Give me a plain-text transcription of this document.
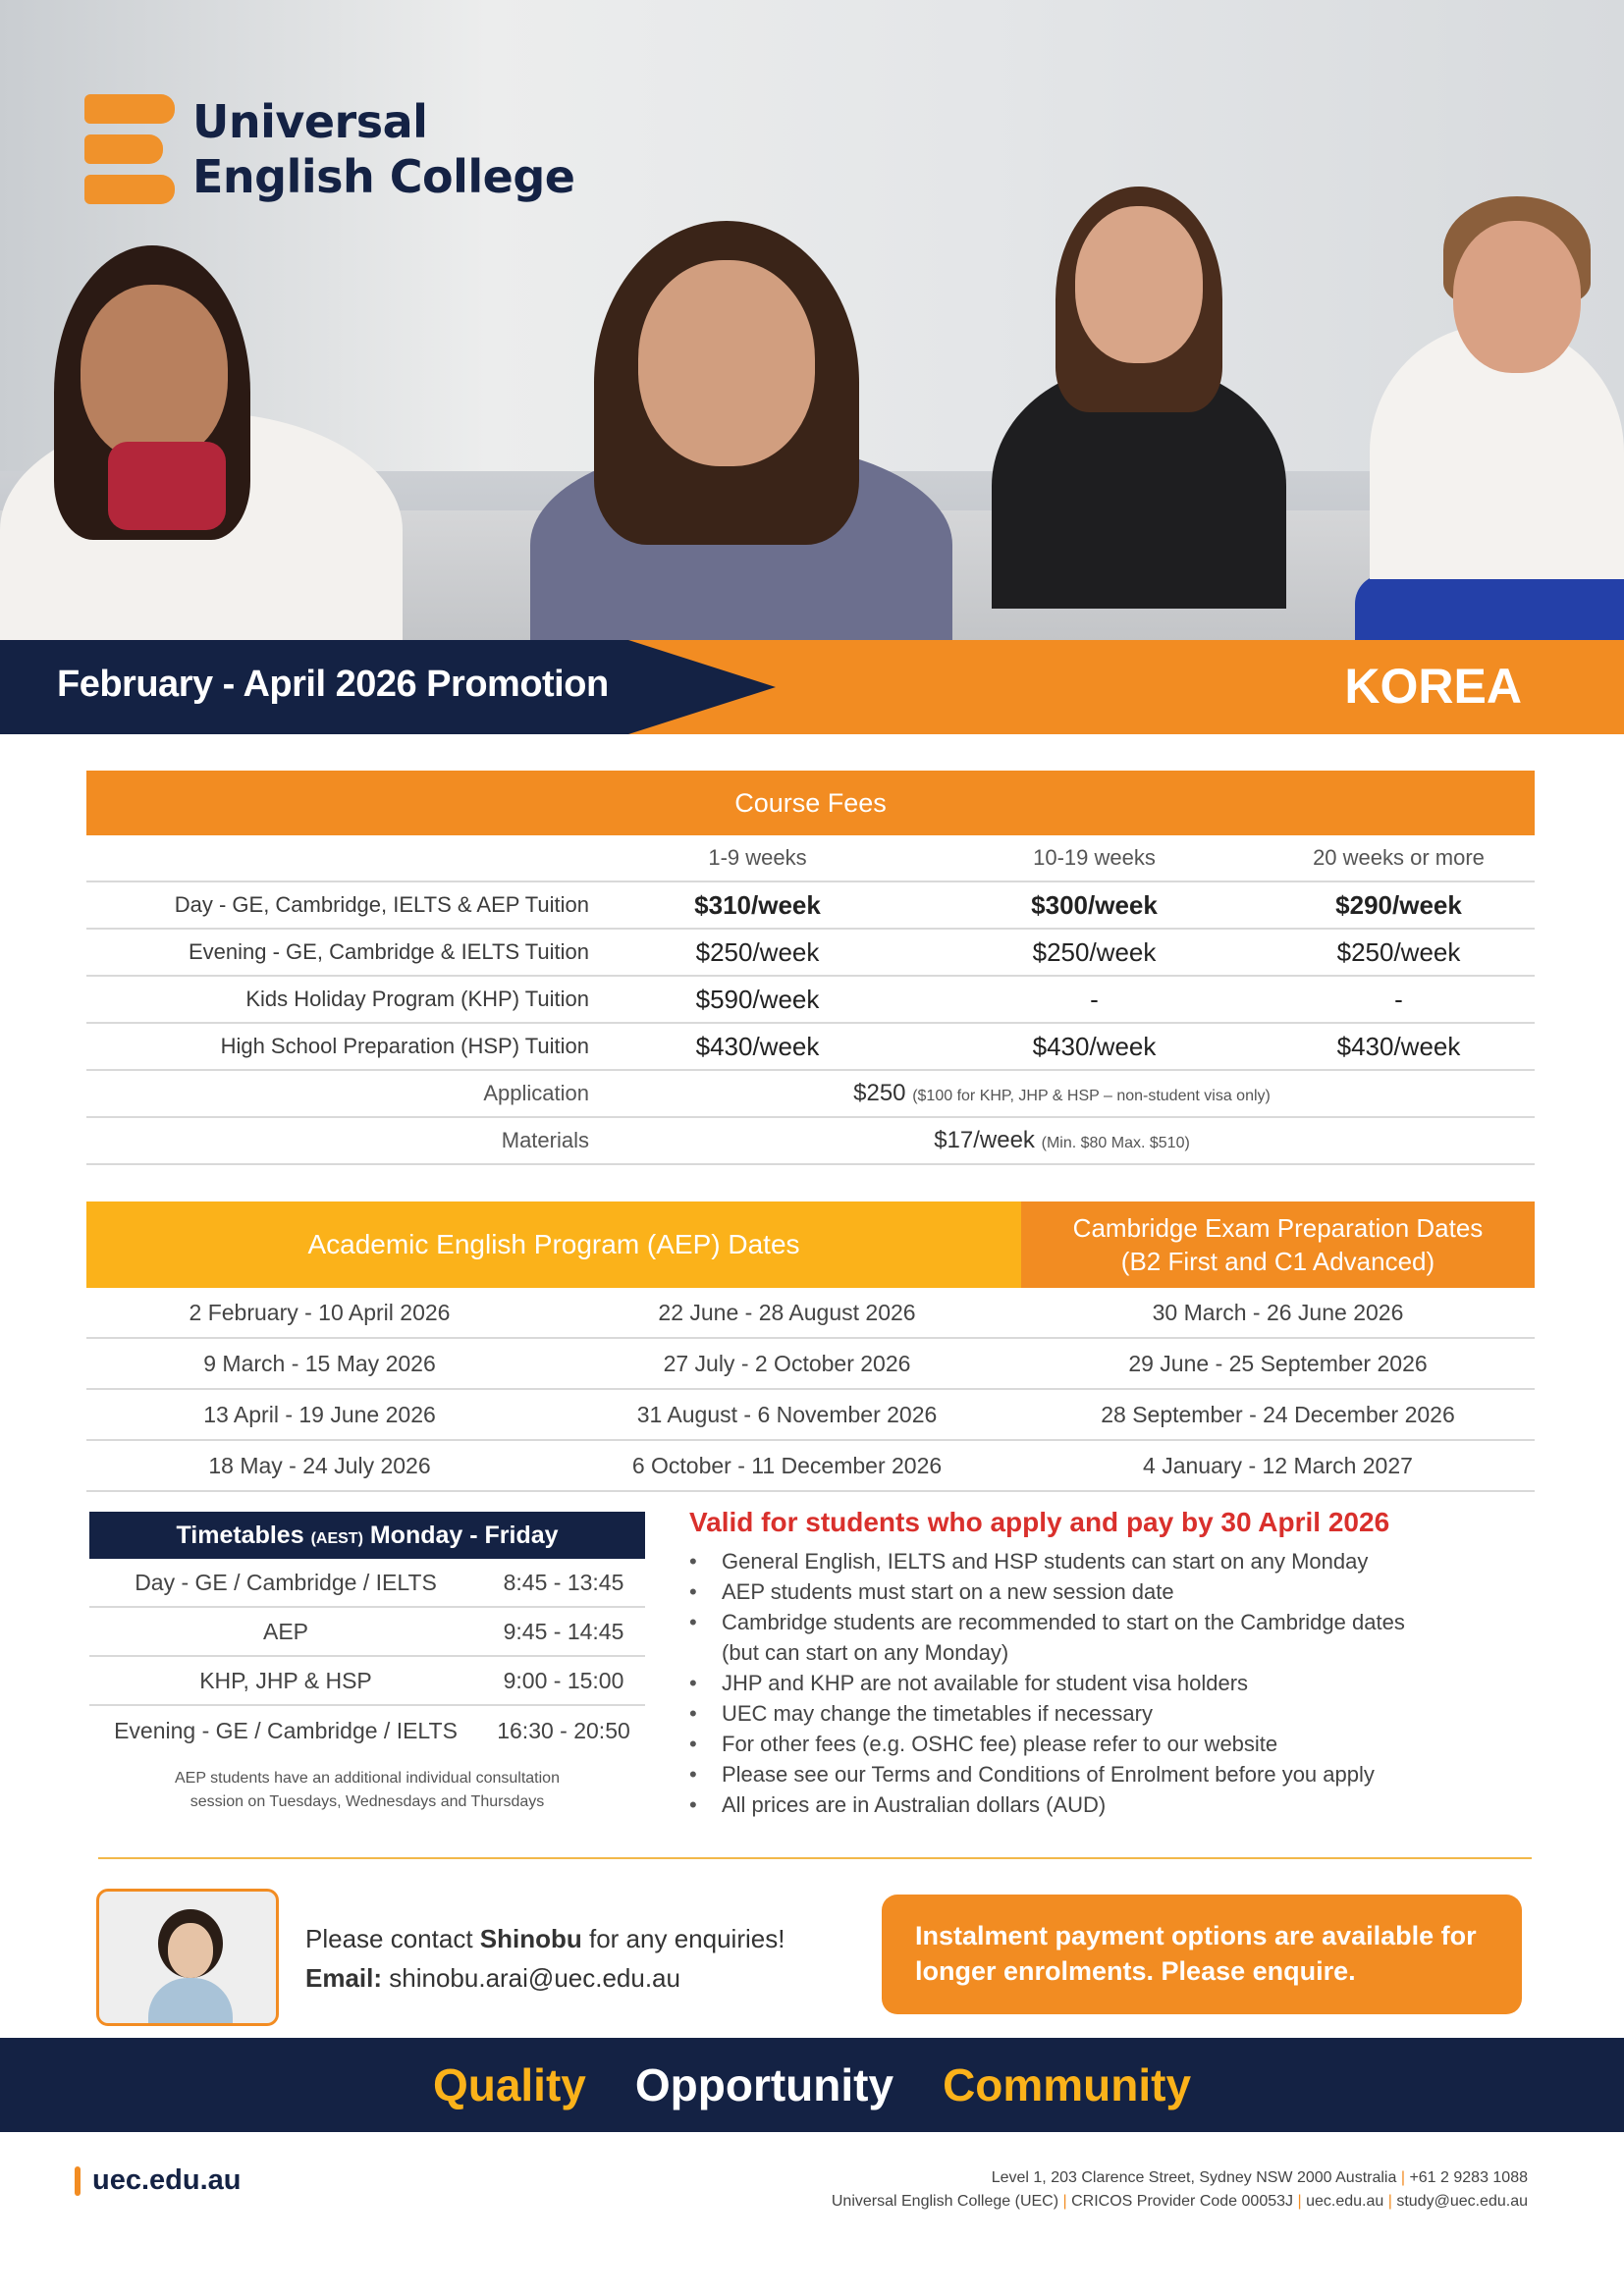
Universal
English College
February - April 2026 Promotion	KOREA
Course Fees
1-9 weeks	10-19 weeks	20 weeks or more
Day - GE, Cambridge, IELTS & AEP Tuition	$310/week	$300/week	$290/week
Evening - GE, Cambridge & IELTS Tuition	$250/week	$250/week	$250/week
Kids Holiday Program (KHP) Tuition	$590/week	-	-
High School Preparation (HSP) Tuition	$430/week	$430/week	$430/week
Application	$250 ($100 for KHP, JHP & HSP – non-student visa only)
Materials	$17/week (Min. $80 Max. $510)
Academic English Program (AEP) Dates
Cambridge Exam Preparation Dates
(B2 First and C1 Advanced)
2 February - 10 April 2026	22 June - 28 August 2026	30 March - 26 June 2026
9 March - 15 May 2026	27 July - 2 October 2026	29 June - 25 September 2026
13 April - 19 June 2026	31 August - 6 November 2026	28 September - 24 December 2026
18 May - 24 July 2026	6 October - 11 December 2026	4 January - 12 March 2027
Timetables (AEST) Monday - Friday
Day - GE / Cambridge / IELTS	8:45 - 13:45
AEP	9:45 - 14:45
KHP, JHP & HSP	9:00 - 15:00
Evening - GE / Cambridge / IELTS	16:30 - 20:50
AEP students have an additional individual consultation
session on Tuesdays, Wednesdays and Thursdays
Valid for students who apply and pay by 30 April 2026
• General English, IELTS and HSP students can start on any Monday
• AEP students must start on a new session date
• Cambridge students are recommended to start on the Cambridge dates
(but can start on any Monday)
• JHP and KHP are not available for student visa holders
• UEC may change the timetables if necessary
• For other fees (e.g. OSHC fee) please refer to our website
• Please see our Terms and Conditions of Enrolment before you apply
• All prices are in Australian dollars (AUD)
Please contact Shinobu for any enquiries!
Email: shinobu.arai@uec.edu.au
Instalment payment options are available for
longer enrolments. Please enquire.
Quality Opportunity Community
uec.edu.au	Level 1, 203 Clarence Street, Sydney NSW 2000 Australia | +61 2 9283 1088
Universal English College (UEC) | CRICOS Provider Code 00053J | uec.edu.au | study@uec.edu.au
